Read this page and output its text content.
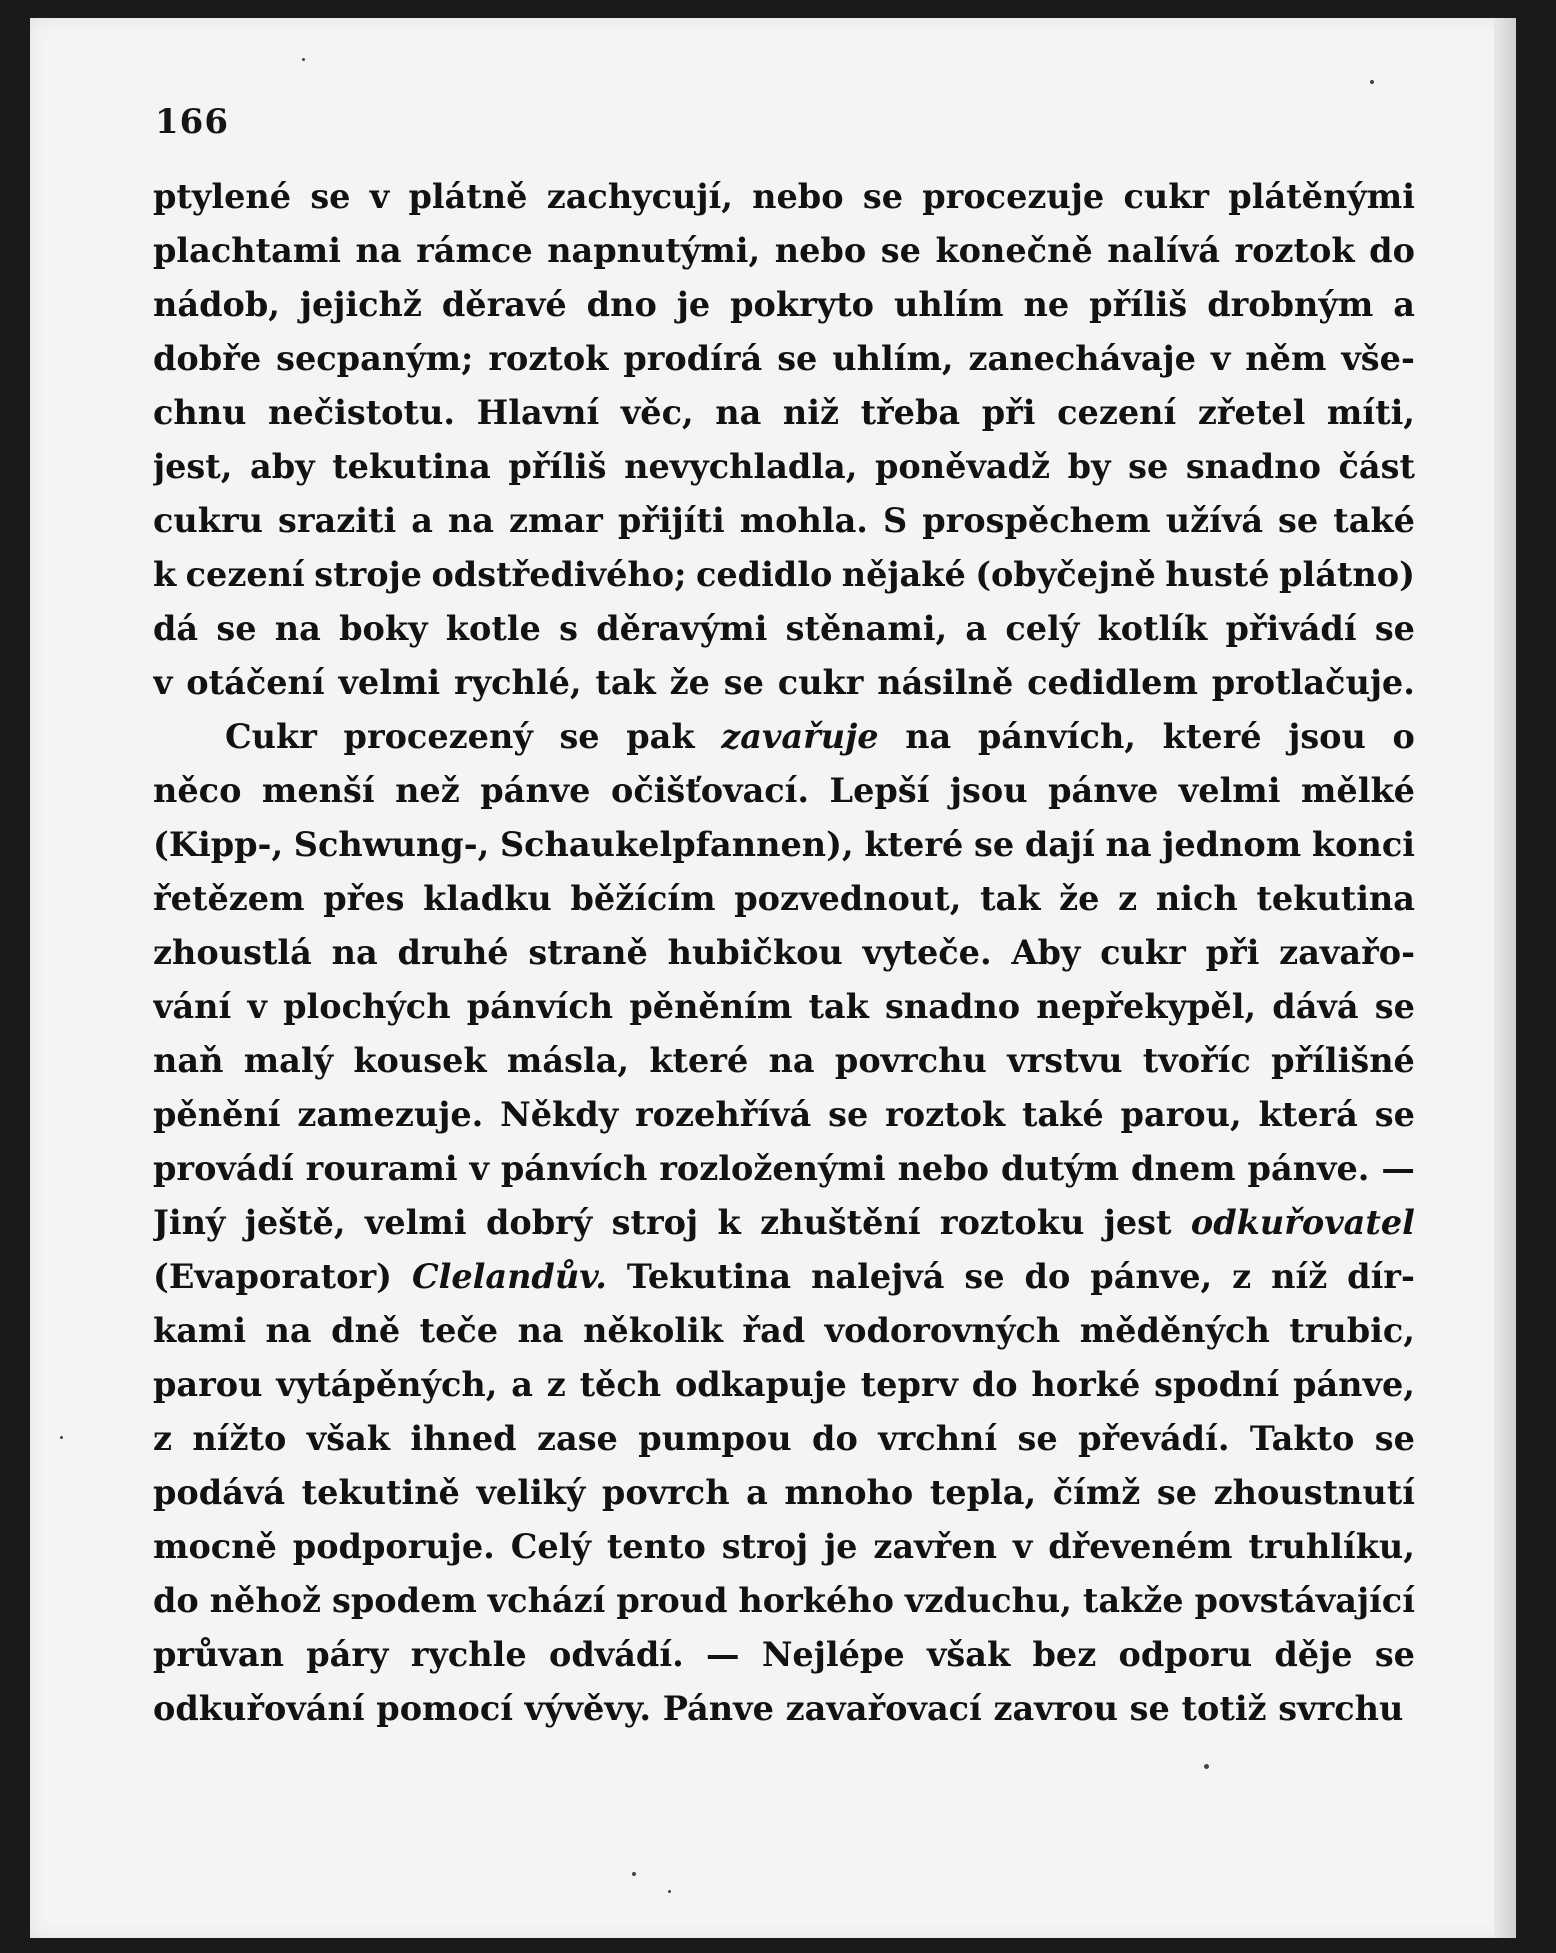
166
ptylené se v plátně zachycují, nebo se procezuje cukr plátěnými
plachtami na rámce napnutými, nebo se konečně nalívá roztok do
nádob, jejichž děravé dno je pokryto uhlím ne příliš drobným a
dobře secpaným; roztok prodírá se uhlím, zanechávaje v něm vše-
chnu nečistotu. Hlavní věc, na niž třeba při cezení zřetel míti,
jest, aby tekutina příliš nevychladla, poněvadž by se snadno část
cukru sraziti a na zmar přijíti mohla. S prospěchem užívá se také
k cezení stroje odstředivého; cedidlo nějaké (obyčejně husté plátno)
dá se na boky kotle s děravými stěnami, a celý kotlík přivádí se
v otáčení velmi rychlé, tak že se cukr násilně cedidlem protlačuje.
Cukr procezený se pak zavařuje na pánvích, které jsou o
něco menší než pánve očišťovací. Lepší jsou pánve velmi mělké
(Kipp-, Schwung-, Schaukelpfannen), které se dají na jednom konci
řetězem přes kladku běžícím pozvednout, tak že z nich tekutina
zhoustlá na druhé straně hubičkou vyteče. Aby cukr při zavařo-
vání v plochých pánvích pěněním tak snadno nepřekypěl, dává se
naň malý kousek másla, které na povrchu vrstvu tvoříc přílišné
pěnění zamezuje. Někdy rozehřívá se roztok také parou, která se
provádí rourami v pánvích rozloženými nebo dutým dnem pánve. —
Jiný ještě, velmi dobrý stroj k zhuštění roztoku jest odkuřovatel
(Evaporator) Clelandův. Tekutina nalejvá se do pánve, z níž dír-
kami na dně teče na několik řad vodorovných měděných trubic,
parou vytápěných, a z těch odkapuje teprv do horké spodní pánve,
z nížto však ihned zase pumpou do vrchní se převádí. Takto se
podává tekutině veliký povrch a mnoho tepla, čímž se zhoustnutí
mocně podporuje. Celý tento stroj je zavřen v dřeveném truhlíku,
do něhož spodem vchází proud horkého vzduchu, takže povstávající
průvan páry rychle odvádí. — Nejlépe však bez odporu děje se
odkuřování
pomocí
vývěvy.
Pánve
zavařovací
zavrou
se
totiž
svrchu
